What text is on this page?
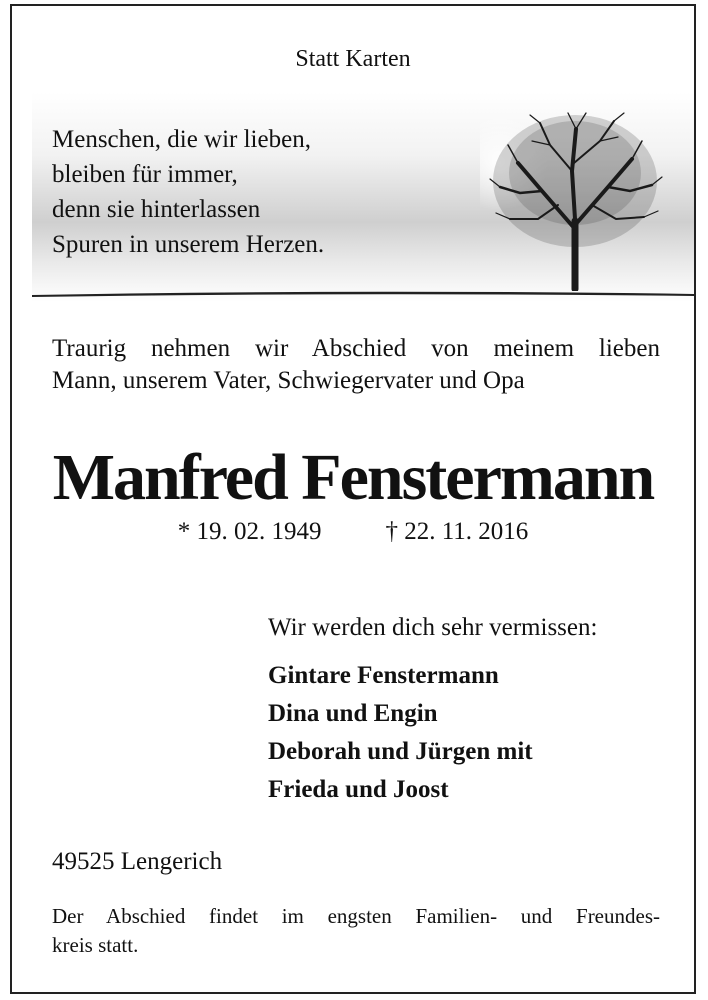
Statt Karten
Menschen, die wir lieben,
bleiben für immer,
denn sie hinterlassen
Spuren in unserem Herzen.
Traurig nehmen wir Abschied von meinem lieben
Mann, unserem Vater, Schwiegervater und Opa
Manfred Fenstermann
* 19. 02. 1949	† 22. 11. 2016
Wir werden dich sehr vermissen:
Gintare Fenstermann
Dina und Engin
Deborah und Jürgen mit
Frieda und Joost
49525 Lengerich
Der Abschied findet im engsten Familien- und Freundes-
kreis statt.
